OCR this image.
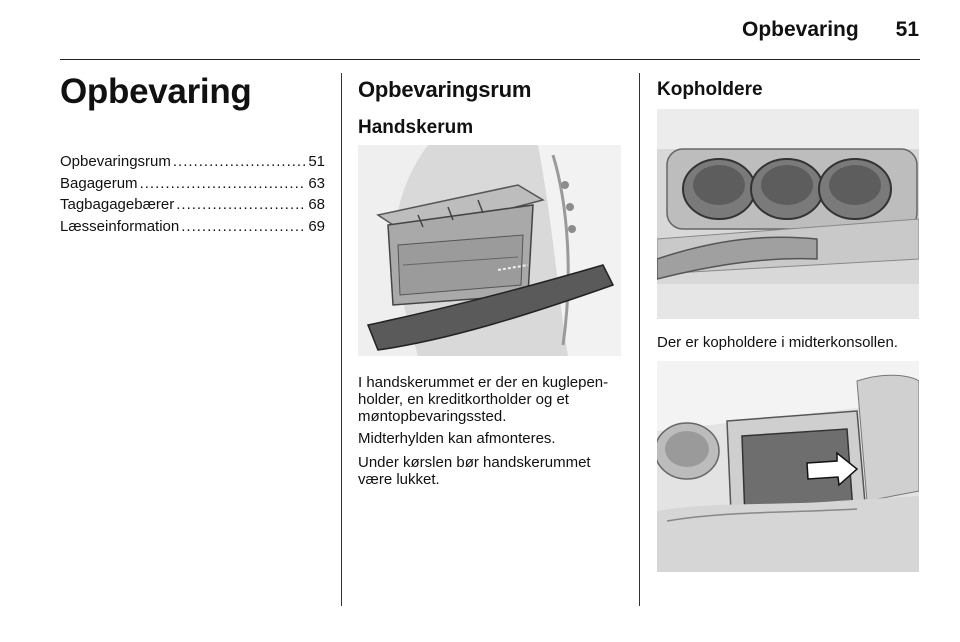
Opbevaring	51
Opbevaring
Opbevaringsrum .....	51
Bagagerum .....	63
Tagbagagebærer .....	68
Læsseinformation .....	69
Opbevaringsrum
Handskerum

I handskerummet er der en kuglepen-holder, en kreditkortholder og et møntopbevaringssted.

Midterhylden kan afmonteres.

Under kørslen bør handskerummet være lukket.

Kopholdere

Der er kopholdere i midterkonsollen.
